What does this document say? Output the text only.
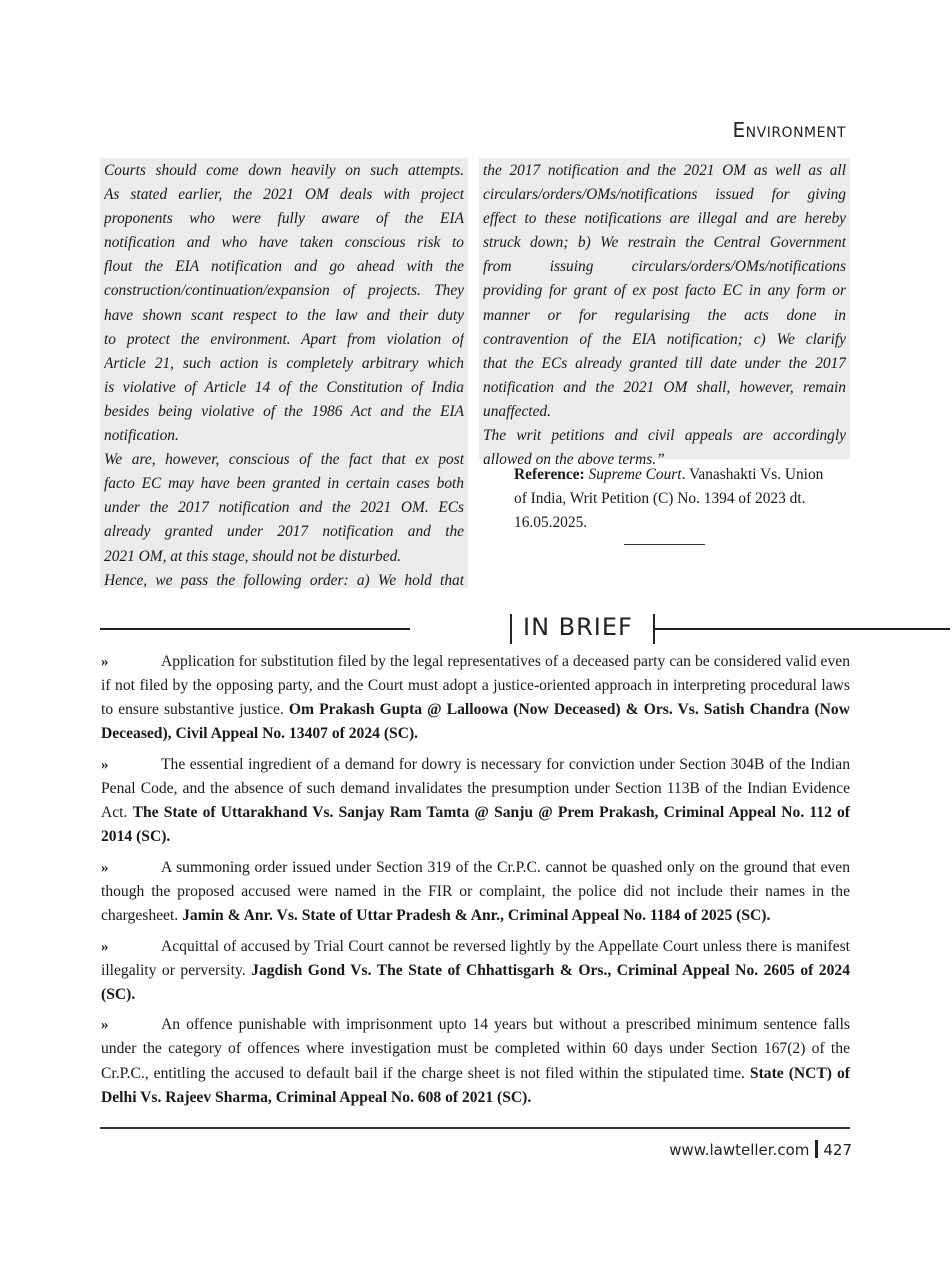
Environment
Courts should come down heavily on such attempts.
As stated earlier, the 2021 OM deals with project
proponents who were fully aware of the EIA
notification and who have taken conscious risk to
flout the EIA notification and go ahead with the
construction/continuation/expansion of projects. They
have shown scant respect to the law and their duty
to protect the environment. Apart from violation of
Article 21, such action is completely arbitrary which
is violative of Article 14 of the Constitution of India
besides being violative of the 1986 Act and the EIA
notification.
We are, however, conscious of the fact that ex post
facto EC may have been granted in certain cases both
under the 2017 notification and the 2021 OM. ECs
already granted under 2017 notification and the
2021 OM, at this stage, should not be disturbed.
Hence, we pass the following order: a) We hold that
the 2017 notification and the 2021 OM as well as all
circulars/orders/OMs/notifications issued for giving
effect to these notifications are illegal and are hereby
struck down; b) We restrain the Central Government
from issuing circulars/orders/OMs/notifications
providing for grant of ex post facto EC in any form or
manner or for regularising the acts done in
contravention of the EIA notification; c) We clarify
that the ECs already granted till date under the 2017
notification and the 2021 OM shall, however, remain
unaffected.
The writ petitions and civil appeals are accordingly
allowed on the above terms.”
Reference: Supreme Court. Vanashakti Vs. Union of India, Writ Petition (C) No. 1394 of 2023 dt. 16.05.2025.
IN BRIEF
»	Application for substitution filed by the legal representatives of a deceased party can be considered valid even if not filed by the opposing party, and the Court must adopt a justice-oriented approach in interpreting procedural laws to ensure substantive justice. Om Prakash Gupta @ Lalloowa (Now Deceased) & Ors. Vs. Satish Chandra (Now Deceased), Civil Appeal No. 13407 of 2024 (SC).
»	The essential ingredient of a demand for dowry is necessary for conviction under Section 304B of the Indian Penal Code, and the absence of such demand invalidates the presumption under Section 113B of the Indian Evidence Act. The State of Uttarakhand Vs. Sanjay Ram Tamta @ Sanju @ Prem Prakash, Criminal Appeal No. 112 of 2014 (SC).
»	A summoning order issued under Section 319 of the Cr.P.C. cannot be quashed only on the ground that even though the proposed accused were named in the FIR or complaint, the police did not include their names in the chargesheet. Jamin & Anr. Vs. State of Uttar Pradesh & Anr., Criminal Appeal No. 1184 of 2025 (SC).
»	Acquittal of accused by Trial Court cannot be reversed lightly by the Appellate Court unless there is manifest illegality or perversity. Jagdish Gond Vs. The State of Chhattisgarh & Ors., Criminal Appeal No. 2605 of 2024 (SC).
»	An offence punishable with imprisonment upto 14 years but without a prescribed minimum sentence falls under the category of offences where investigation must be completed within 60 days under Section 167(2) of the Cr.P.C., entitling the accused to default bail if the charge sheet is not filed within the stipulated time. State (NCT) of Delhi Vs. Rajeev Sharma, Criminal Appeal No. 608 of 2021 (SC).
www.lawteller.com 427
